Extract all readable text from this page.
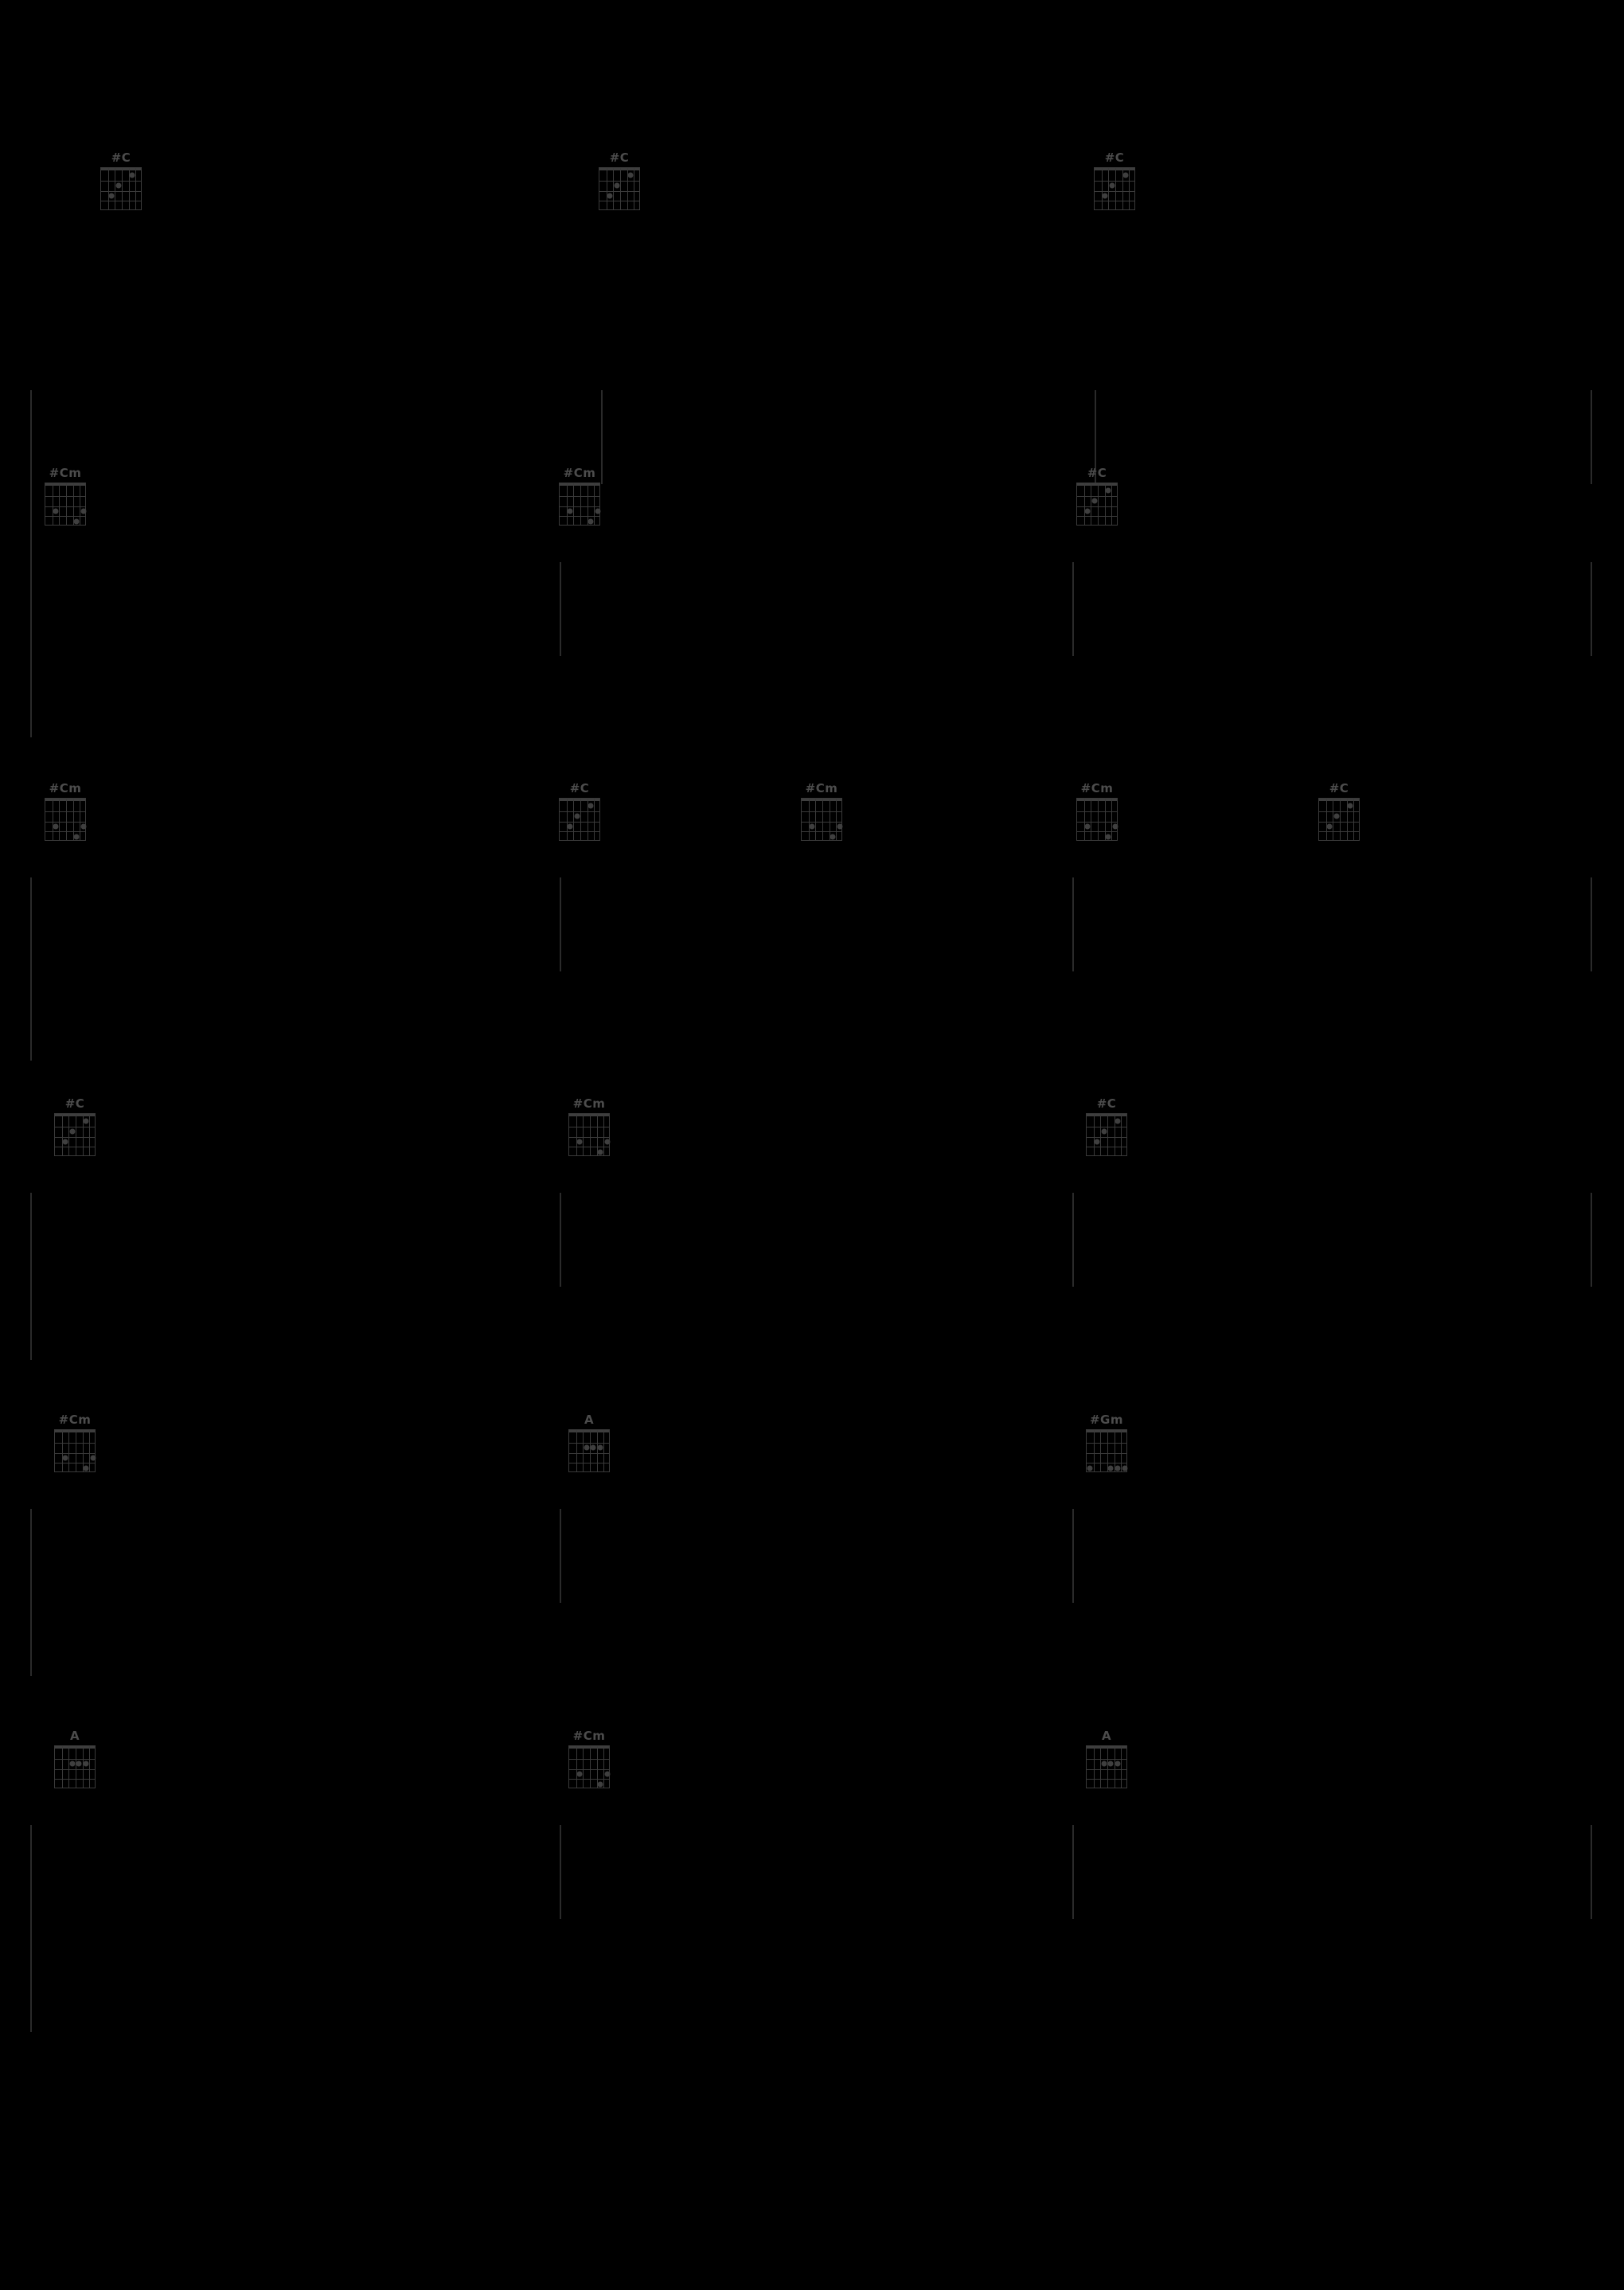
#C	#C	#C
#Cm	#Cm	#C
#Cm	#C	#Cm	#Cm	#C
#C	#Cm	#C
#Cm	A	#Gm
A	#Cm	A
